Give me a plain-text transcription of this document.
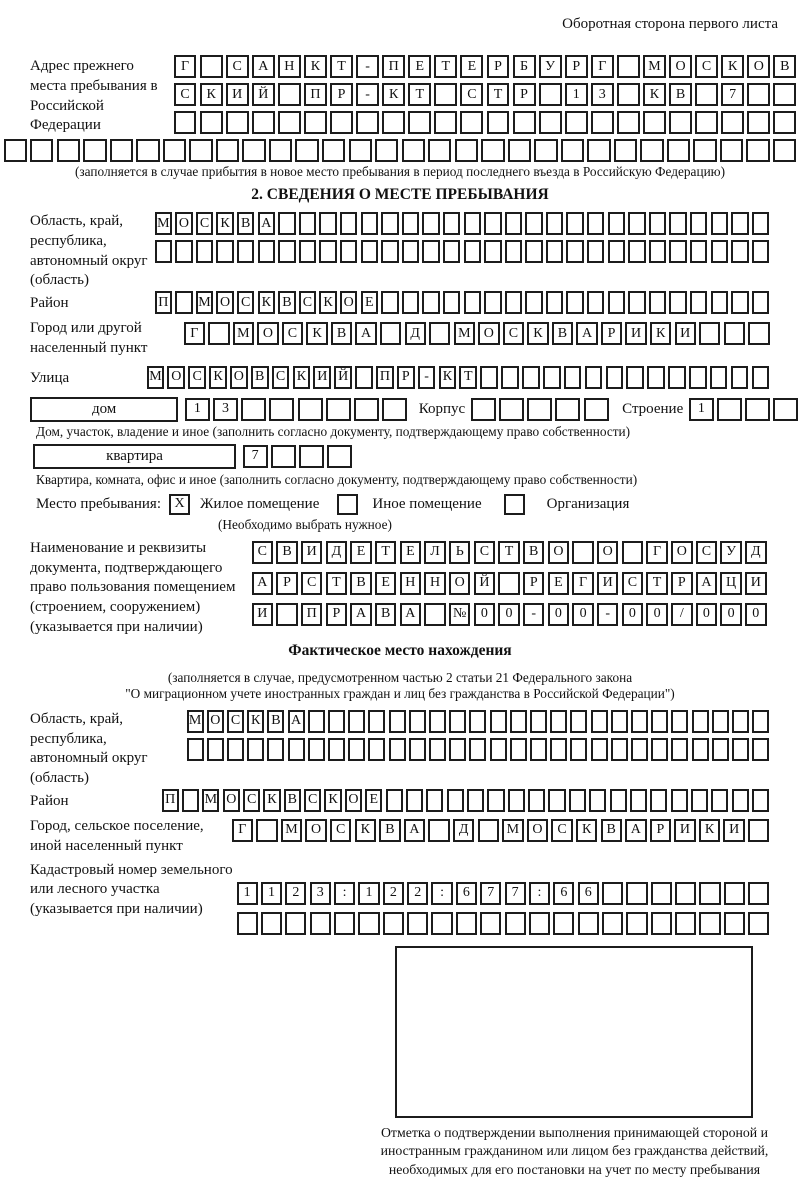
Оборотная сторона первого листа
Адрес прежнего места пребывания в Российской Федерации
Г	С	А	Н	К	Т	-	П	Е	Т	Е	Р	Б	У	Р	Г	М	О	С	К	О	В
С	К	И	Й	П	Р	-	К	Т	С	Т	Р	1	3	К	В	7
(заполняется в случае прибытия в новое место пребывания в период последнего въезда в Российскую Федерацию)
2. СВЕДЕНИЯ О МЕСТЕ ПРЕБЫВАНИЯ
Область, край, республика, автономный округ (область)
М О С К В А
Район	П М О С К В С К О Е
Город или другой населенный пункт
Г	М О	С	К	В	А	Д	М О	С	К	В	А	Р	И	К	И
Улица	М О С К О В С К И Й П Р	- К Т
дом	1	3	Корпус	Строение	1
Дом, участок, владение и иное (заполнить согласно документу, подтверждающему право собственности)
квартира	7
Квартира, комната, офис и иное (заполнить согласно документу, подтверждающему право собственности)
Место пребывания: X	Жилое помещение	Иное помещение	Организация
(Необходимо выбрать нужное)
Наименование и реквизиты документа, подтверждающего право пользования помещением (строением, сооружением) (указывается при наличии)
С	В	И	Д	Е	Т	Е	Л	Ь	С	Т	В	О	О	Г	О	С	У	Д
А	Р	С	Т	В	Е	Н	Н	О	Й	Р	Е	Г	И	С	Т	Р	А	Ц	И
И	П	Р	А	В	А	№	0	0	-	0	0	-	0	0	/	0	0	0
Фактическое место нахождения
(заполняется в случае, предусмотренном частью 2 статьи 21 Федерального закона
"О миграционном учете иностранных граждан и лиц без гражданства в Российской Федерации")
Область, край, республика, автономный округ (область)
М О С К В А
Район	П М О С К В С К О Е
Город, сельское поселение, иной населенный пункт
Г	М О	С	К	В	А	Д	М О	С	К	В	А	Р	И	К	И
Кадастровый номер земельного или лесного участка (указывается при наличии)
1	1	2	3	:	1	2	2	:	6	7	7	:	6	6
Отметка о подтверждении выполнения принимающей стороной и иностранным гражданином или лицом без гражданства действий, необходимых для его постановки на учет по месту пребывания
